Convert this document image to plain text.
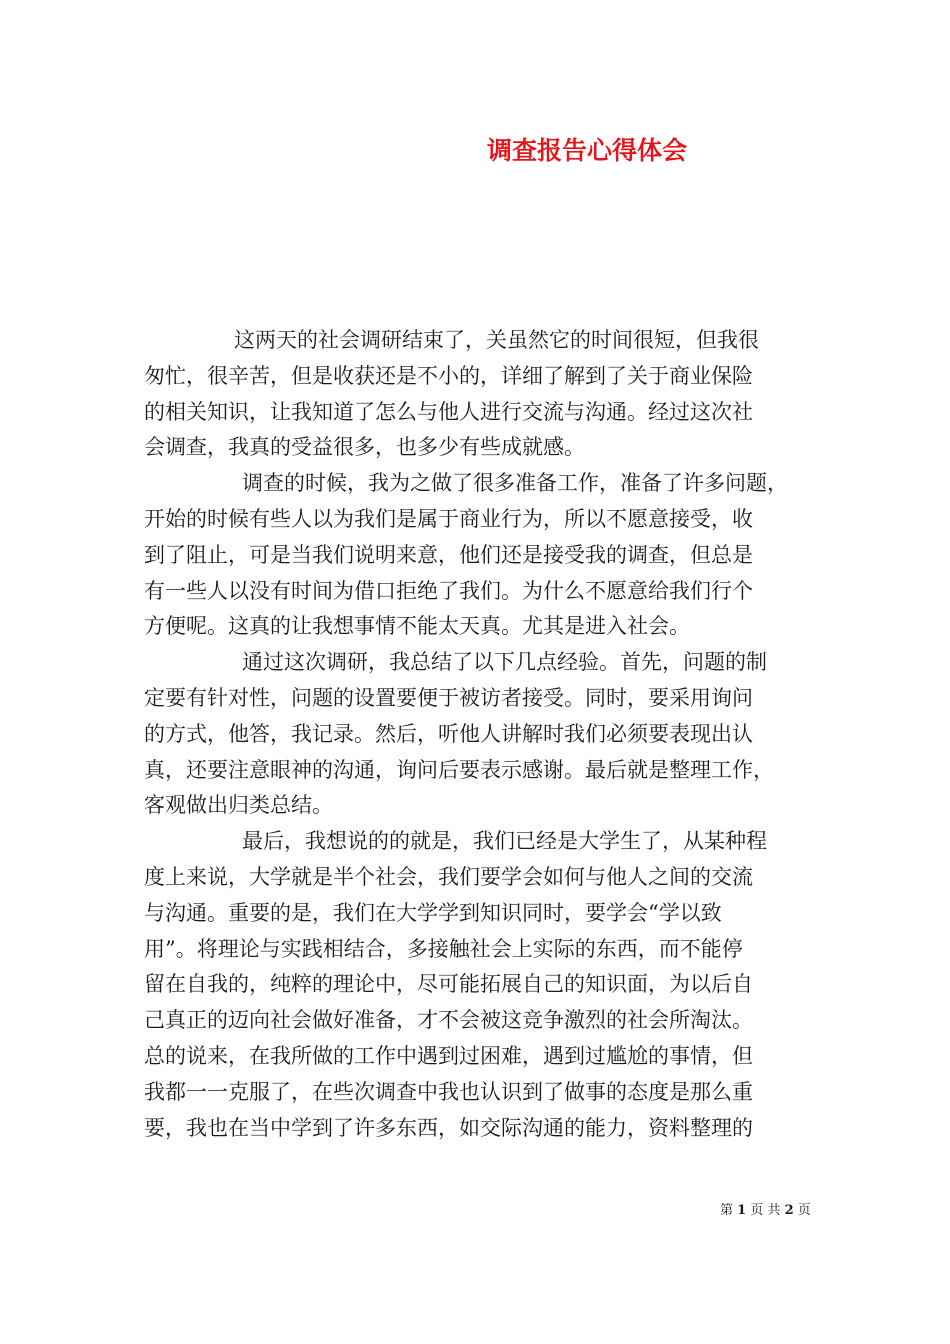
调查报告心得体会
这两天的社会调研结束了，关虽然它的时间很短，但我很
匆忙，很辛苦，但是收获还是不小的，详细了解到了关于商业保险
的相关知识，让我知道了怎么与他人进行交流与沟通。经过这次社
会调查，我真的受益很多，也多少有些成就感。
调查的时候，我为之做了很多准备工作，准备了许多问题，
开始的时候有些人以为我们是属于商业行为，所以不愿意接受，收
到了阻止，可是当我们说明来意，他们还是接受我的调查，但总是
有一些人以没有时间为借口拒绝了我们。为什么不愿意给我们行个
方便呢。这真的让我想事情不能太天真。尤其是进入社会。
通过这次调研，我总结了以下几点经验。首先，问题的制
定要有针对性，问题的设置要便于被访者接受。同时，要采用询问
的方式，他答，我记录。然后，听他人讲解时我们必须要表现出认
真，还要注意眼神的沟通，询问后要表示感谢。最后就是整理工作，
客观做出归类总结。
最后，我想说的的就是，我们已经是大学生了，从某种程
度上来说，大学就是半个社会，我们要学会如何与他人之间的交流
与沟通。重要的是，我们在大学学到知识同时，要学会“学以致
用”。将理论与实践相结合，多接触社会上实际的东西，而不能停
留在自我的，纯粹的理论中，尽可能拓展自己的知识面，为以后自
己真正的迈向社会做好准备，才不会被这竞争激烈的社会所淘汰。
总的说来，在我所做的工作中遇到过困难，遇到过尴尬的事情，但
我都一一克服了，在些次调查中我也认识到了做事的态度是那么重
要，我也在当中学到了许多东西，如交际沟通的能力，资料整理的
第 1 页 共 2 页
